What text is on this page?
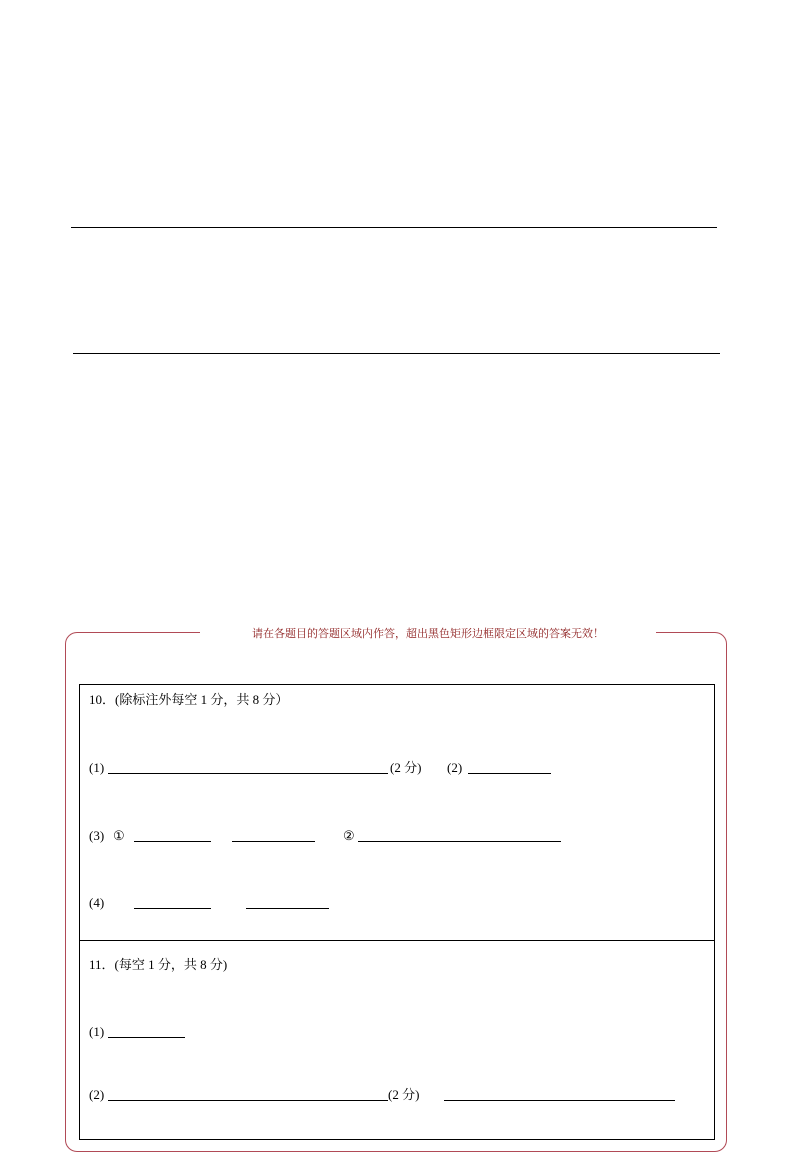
请在各题目的答题区域内作答，超出黑色矩形边框限定区域的答案无效！
10．(除标注外每空 1 分，共 8 分）
(1)	(2 分) (2)
(3) ①	②
(4)
11．(每空 1 分，共 8 分)
(1)
(2)	(2 分)
